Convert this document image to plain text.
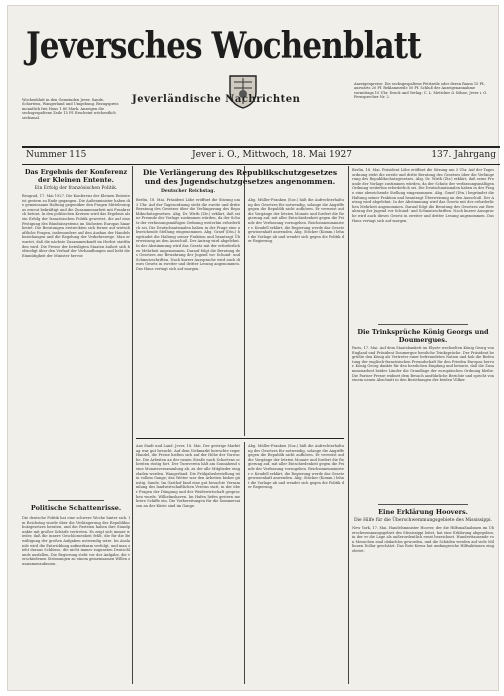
Jeversches Wochenblatt
Jeverländische Nachrichten
Wochenblatt in den Gemeinden Jever, Sande, Schortens, Wangerland und Umgebung. Bezugspreis monatlich frei Haus 1.80 Mark. Anzeigen die sechsgespaltene Zeile 15 Pf. Erscheint wöchentlich sechsmal.
Anzeigenpreise: Die sechsgespaltene Petitzeile oder deren Raum 15 Pf., auswärts 20 Pf. Reklamezeile 50 Pf. Schluß der Anzeigenannahme vormittags 10 Uhr. Druck und Verlag: C. L. Mettcker & Söhne, Jever i. O. Fernsprecher Nr. 2.
Nummer 115	Jever i. O., Mittwoch, 18. Mai 1927	137. Jahrgang
Das Ergebnis der Konferenz der Kleinen Entente.
Ein Erfolg der französischen Politik.
Beograd, 17. Mai 1927. Die Konferenz der Kleinen Entente ist gestern zu Ende gegangen. Die Außenminister haben die gemeinsame Haltung gegenüber den Fragen Mitteleuropas erneut bekräftigt und die Zusammenarbeit mit Frankreich betont. In den politischen Kreisen wird das Ergebnis als ein Erfolg der französischen Politik gewertet, die auf eine Festigung des Bündnissystems im Südosten Europas hinarbeitet. Die Beratungen erstreckten sich ferner auf wirtschaftliche Fragen, insbesondere auf den Ausbau der Handelsbeziehungen und die Regelung der Verkehrswege. Man erwartet, daß die nächste Zusammenkunft im Herbst stattfinden wird. Die Presse der beteiligten Staaten äußert sich befriedigt über den Verlauf der Verhandlungen und hebt die Einmütigkeit der Minister hervor.
Politische Schattenrisse.
Die deutsche Politik hat eine schwere Woche hinter sich. Im Reichstag wurde über die Verlängerung des Republikschutzgesetzes beraten, und die Parteien haben ihre Standpunkte mit großer Schärfe vertreten. Es zeigt sich immer wieder, daß die innere Geschlossenheit fehlt, die für die Bewältigung der großen Aufgaben notwendig wäre. Im Auslande wird die Entwicklung aufmerksam verfolgt, und man zieht daraus Schlüsse, die nicht immer zugunsten Deutschlands ausfallen. Die Regierung steht vor der Aufgabe, die verschiedenen Strömungen zu einem gemeinsamen Willen zusammenzufassen.
Die Verlängerung des Republikschutzgesetzes und des Jugendschutzgesetzes angenommen.
Deutscher Reichstag.
Berlin, 18. Mai. Präsident Löbe eröffnet die Sitzung um 3 Uhr. Auf der Tagesordnung steht die zweite und dritte Beratung des Gesetzes über die Verlängerung des Republikschutzgesetzes. Abg. Dr. Wirth (Ztr.) erklärt, daß seine Freunde der Vorlage zustimmen würden, da der Schutz der verfassungsmäßigen Ordnung weiterhin erforderlich sei. Die Deutschnationalen haben in der Frage eine abweichende Stellung eingenommen. Abg. Graef (Dtn.) begründet die Haltung seiner Fraktion und beantragt Überweisung an den Ausschuß. Der Antrag wird abgelehnt. In der Abstimmung wird das Gesetz mit der erforderlichen Mehrheit angenommen. Darauf folgt die Beratung des Gesetzes zur Bewahrung der Jugend vor Schund- und Schmutzschriften. Nach kurzer Aussprache wird auch dieses Gesetz in zweiter und dritter Lesung angenommen. Das Haus vertagt sich auf morgen.
Abg. Müller-Franken (Soz.) hält die Aufrechterhaltung des Gesetzes für notwendig, solange die Angriffe gegen die Republik nicht aufhören. Er verweist auf die Vorgänge der letzten Monate und fordert die Regierung auf, mit aller Entschiedenheit gegen die Feinde der Verfassung vorzugehen. Reichsinnenminister v. Keudell erklärt, die Regierung werde das Gesetz gewissenhaft anwenden. Abg. Stöcker (Komm.) lehnt die Vorlage ab und wendet sich gegen die Politik der Regierung.
Aus Stadt und Land. Jever, 18. Mai. Der gestrige Markttag war gut besucht. Auf dem Viehmarkt herrschte reger Handel, die Preise hielten sich auf der Höhe der Vorwoche. Die Arbeiten an der neuen Straße nach Schortens schreiten rüstig fort. Der Turnverein hält am Sonnabend seine Monatsversammlung ab, zu der alle Mitglieder eingeladen werden. Wangerland. Die Frühjahrsbestellung ist in vollem Gange; das Wetter war den Arbeiten bisher günstig. Sande. Im Gasthof fand eine gut besuchte Versammlung des landwirtschaftlichen Vereins statt, in der über Fragen der Düngung und der Weidewirtschaft gesprochen wurde. Wilhelmshaven. Im Hafen liefen gestern mehrere Schiffe ein. Die Vorbereitungen für die Sommersaison an der Küste sind im Gange.
Abg. Müller-Franken (Soz.) hält die Aufrechterhaltung des Gesetzes für notwendig, solange die Angriffe gegen die Republik nicht aufhören. Er verweist auf die Vorgänge der letzten Monate und fordert die Regierung auf, mit aller Entschiedenheit gegen die Feinde der Verfassung vorzugehen. Reichsinnenminister v. Keudell erklärt, die Regierung werde das Gesetz gewissenhaft anwenden. Abg. Stöcker (Komm.) lehnt die Vorlage ab und wendet sich gegen die Politik der Regierung.
Berlin, 18. Mai. Präsident Löbe eröffnet die Sitzung um 3 Uhr. Auf der Tagesordnung steht die zweite und dritte Beratung des Gesetzes über die Verlängerung des Republikschutzgesetzes. Abg. Dr. Wirth (Ztr.) erklärt, daß seine Freunde der Vorlage zustimmen würden, da der Schutz der verfassungsmäßigen Ordnung weiterhin erforderlich sei. Die Deutschnationalen haben in der Frage eine abweichende Stellung eingenommen. Abg. Graef (Dtn.) begründet die Haltung seiner Fraktion und beantragt Überweisung an den Ausschuß. Der Antrag wird abgelehnt. In der Abstimmung wird das Gesetz mit der erforderlichen Mehrheit angenommen. Darauf folgt die Beratung des Gesetzes zur Bewahrung der Jugend vor Schund- und Schmutzschriften. Nach kurzer Aussprache wird auch dieses Gesetz in zweiter und dritter Lesung angenommen. Das Haus vertagt sich auf morgen.
Die Trinksprüche König Georgs und Doumergues.
Paris, 17. Mai. Auf dem Staatsbankett im Elysée wechselten König Georg von England und Präsident Doumergue herzliche Trinksprüche. Der Präsident begrüßte den König als Vertreter einer befreundeten Nation und hob die Bedeutung der englisch-französischen Freundschaft für den Frieden Europas hervor. König Georg dankte für den herzlichen Empfang und betonte, daß die Zusammenarbeit beider Länder die Grundlage der europäischen Ordnung bleibe. Die Pariser Presse widmet dem Besuch ausführliche Berichte und spricht von einem neuen Abschnitt in den Beziehungen der beiden Völker.
Eine Erklärung Hoovers.
Die Hilfe für die Überschwemmungsgebiete des Mississippi.
New York, 17. Mai. Handelsminister Hoover, der die Hilfsmaßnahmen im Überschwemmungsgebiet des Mississippi leitet, hat eine Erklärung abgegeben, in der er die Lage als außerordentlich ernst bezeichnet. Hunderttausende von Menschen sind obdachlos geworden, und die Schäden werden auf viele Millionen Dollar geschätzt. Das Rote Kreuz hat umfangreiche Hilfsaktionen eingeleitet.
